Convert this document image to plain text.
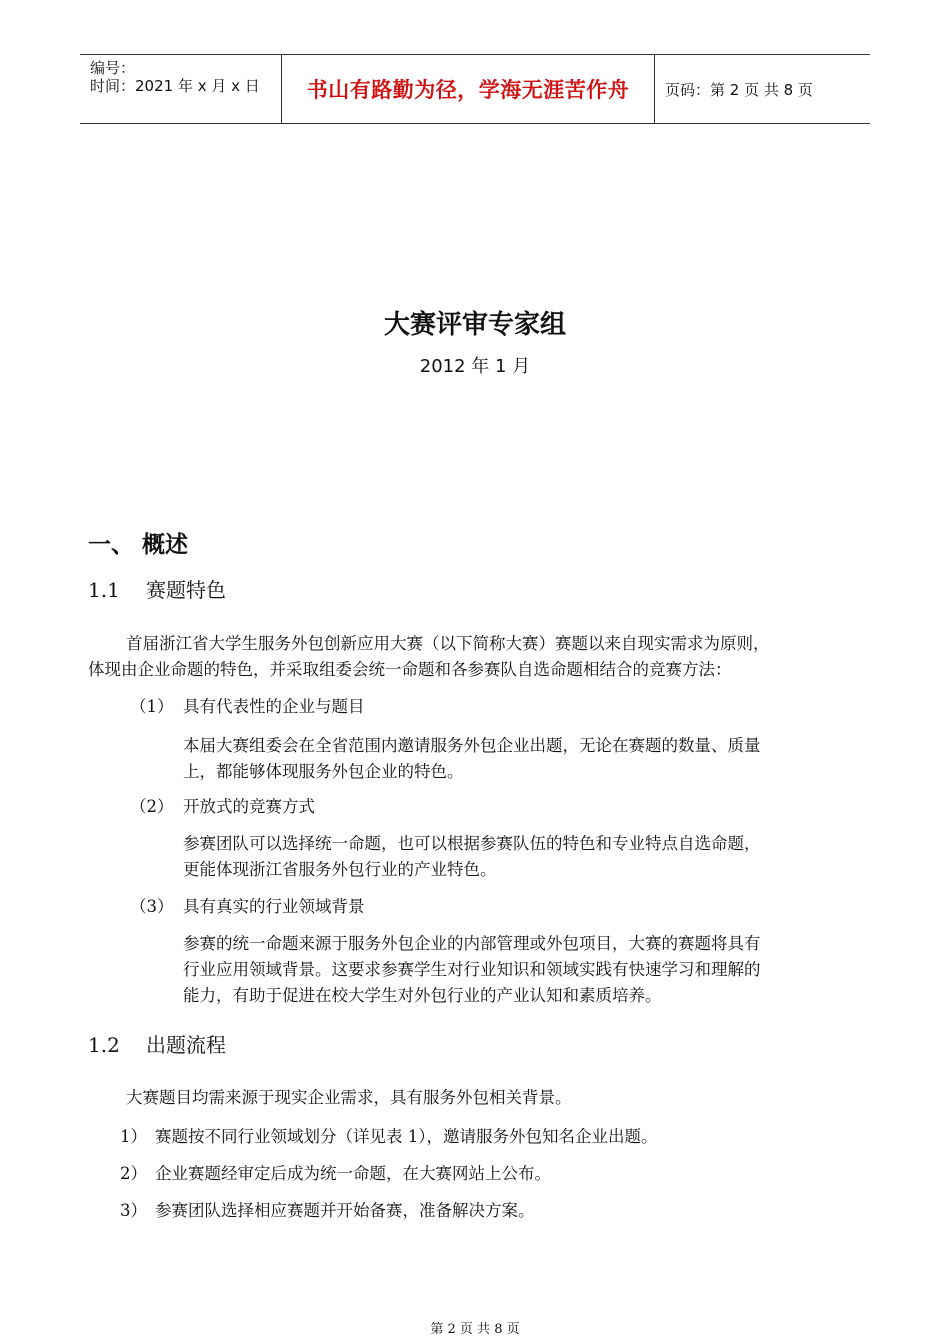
编号：
时间：2021 年 x 月 x 日	书山有路勤为径，学海无涯苦作舟	页码：第 2 页 共 8 页
大赛评审专家组
2012 年 1 月
一、 概述
1.1 赛题特色
首届浙江省大学生服务外包创新应用大赛（以下简称大赛）赛题以来自现实需求为原则，
体现由企业命题的特色，并采取组委会统一命题和各参赛队自选命题相结合的竞赛方法：
（1） 具有代表性的企业与题目
本届大赛组委会在全省范围内邀请服务外包企业出题，无论在赛题的数量、质量
上，都能够体现服务外包企业的特色。
（2） 开放式的竞赛方式
参赛团队可以选择统一命题，也可以根据参赛队伍的特色和专业特点自选命题，
更能体现浙江省服务外包行业的产业特色。
（3） 具有真实的行业领域背景
参赛的统一命题来源于服务外包企业的内部管理或外包项目，大赛的赛题将具有
行业应用领域背景。这要求参赛学生对行业知识和领域实践有快速学习和理解的
能力，有助于促进在校大学生对外包行业的产业认知和素质培养。
1.2 出题流程
大赛题目均需来源于现实企业需求，具有服务外包相关背景。
1） 赛题按不同行业领域划分（详见表 1），邀请服务外包知名企业出题。
2） 企业赛题经审定后成为统一命题，在大赛网站上公布。
3） 参赛团队选择相应赛题并开始备赛，准备解决方案。
第 2 页 共 8 页
